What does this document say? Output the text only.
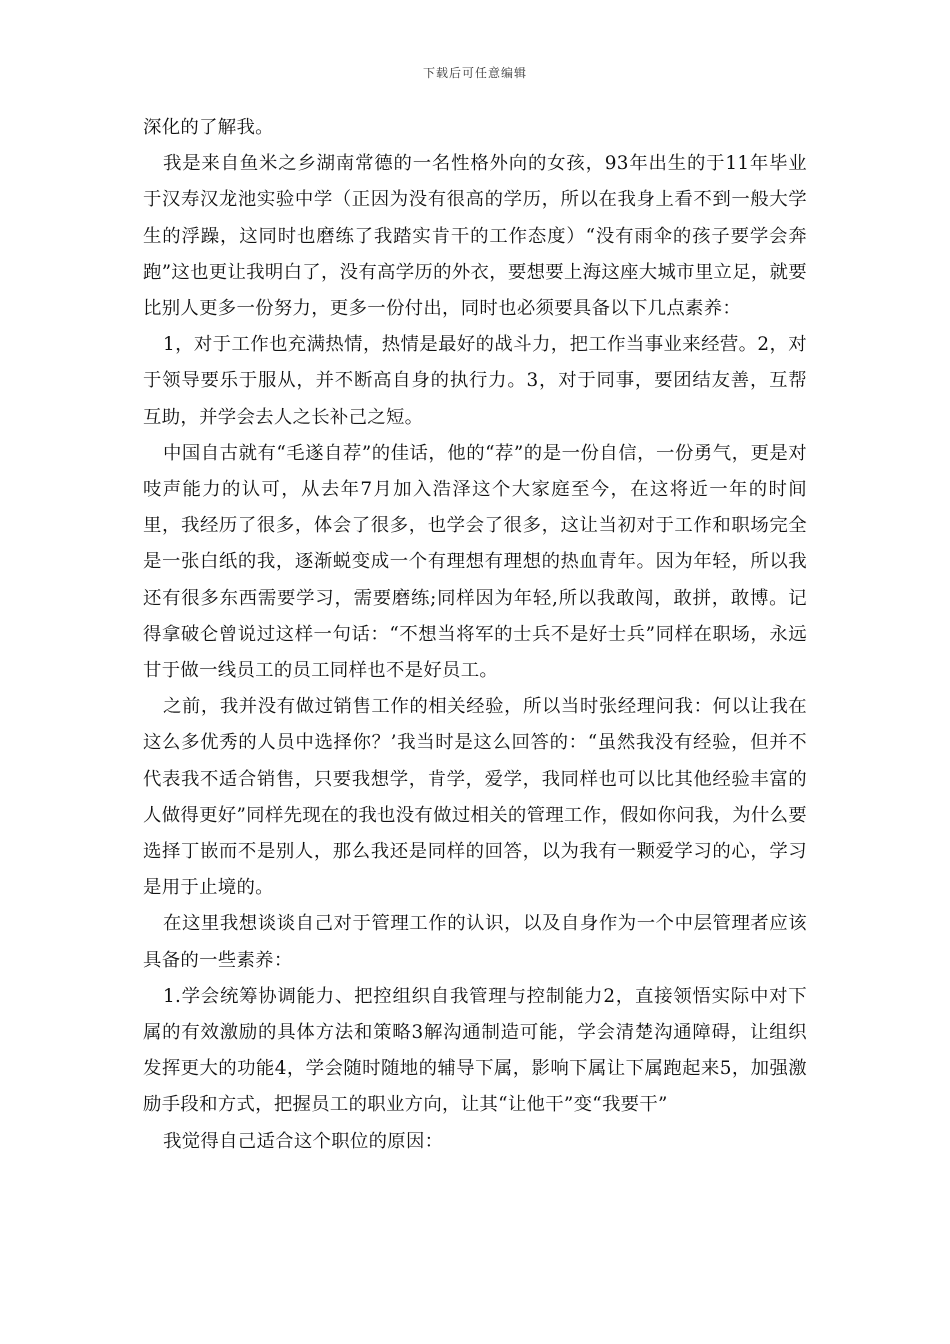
下载后可任意编辑

深化的了解我。

我是来自鱼米之乡湖南常德的一名性格外向的女孩，93年出生的于11年毕业于汉寿汉龙池实验中学（正因为没有很高的学历，所以在我身上看不到一般大学生的浮躁，这同时也磨练了我踏实肯干的工作态度）“没有雨伞的孩子要学会奔跑”这也更让我明白了，没有高学历的外衣，要想要上海这座大城市里立足，就要比别人更多一份努力，更多一份付出，同时也必须要具备以下几点素养：

1，对于工作也充满热情，热情是最好的战斗力，把工作当事业来经营。2，对于领导要乐于服从，并不断高自身的执行力。3，对于同事，要团结友善，互帮互助，并学会去人之长补己之短。

中国自古就有“毛遂自荐”的佳话，他的“荐”的是一份自信，一份勇气，更是对吱声能力的认可，从去年7月加入浩泽这个大家庭至今，在这将近一年的时间里，我经历了很多，体会了很多，也学会了很多，这让当初对于工作和职场完全是一张白纸的我，逐渐蜕变成一个有理想有理想的热血青年。因为年轻，所以我还有很多东西需要学习，需要磨练;同样因为年轻,所以我敢闯，敢拼，敢博。记得拿破仑曾说过这样一句话：“不想当将军的士兵不是好士兵”同样在职场，永远甘于做一线员工的员工同样也不是好员工。

之前，我并没有做过销售工作的相关经验，所以当时张经理问我：何以让我在这么多优秀的人员中选择你？’我当时是这么回答的：“虽然我没有经验，但并不代表我不适合销售，只要我想学，肯学，爱学，我同样也可以比其他经验丰富的人做得更好”同样先现在的我也没有做过相关的管理工作，假如你问我，为什么要选择丁嵌而不是别人，那么我还是同样的回答，以为我有一颗爱学习的心，学习是用于止境的。

在这里我想谈谈自己对于管理工作的认识，以及自身作为一个中层管理者应该具备的一些素养：

1.学会统筹协调能力、把控组织自我管理与控制能力2，直接领悟实际中对下属的有效激励的具体方法和策略3解沟通制造可能，学会清楚沟通障碍，让组织发挥更大的功能4，学会随时随地的辅导下属，影响下属让下属跑起来5，加强激励手段和方式，把握员工的职业方向，让其“让他干”变“我要干”

我觉得自己适合这个职位的原因：
